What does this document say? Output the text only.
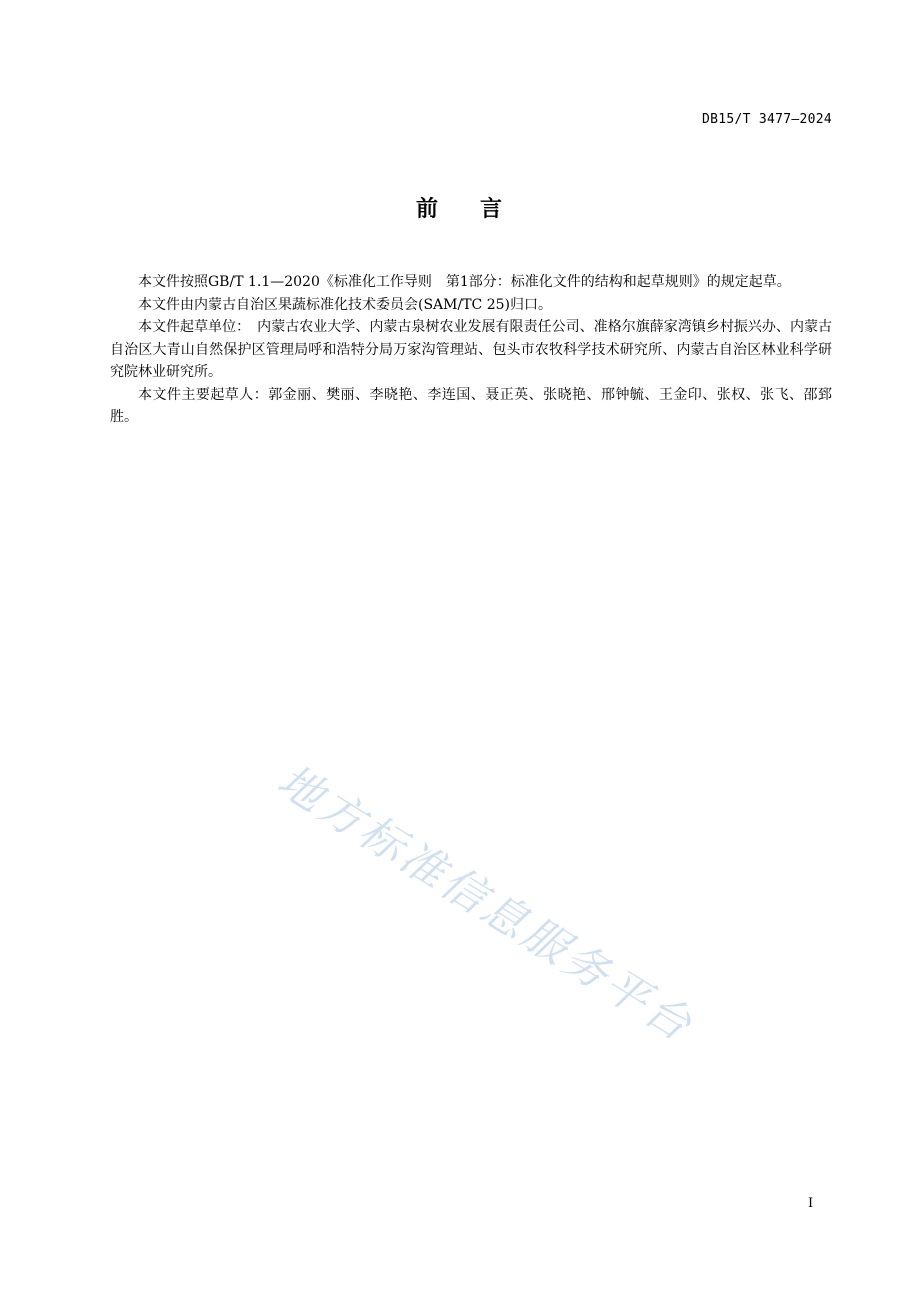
DB15/T 3477—2024
前 言

本文件按照GB/T 1.1—2020《标准化工作导则　第1部分：标准化文件的结构和起草规则》的规定起草。

本文件由内蒙古自治区果蔬标准化技术委员会(SAM/TC 25)归口。

本文件起草单位：　内蒙古农业大学、内蒙古泉树农业发展有限责任公司、准格尔旗薛家湾镇乡村振兴办、内蒙古自治区大青山自然保护区管理局呼和浩特分局万家沟管理站、包头市农牧科学技术研究所、内蒙古自治区林业科学研究院林业研究所。

本文件主要起草人：郭金丽、樊丽、李晓艳、李连国、聂正英、张晓艳、邢钟毓、王金印、张权、张飞、邵郅胜。

地方标准信息服务平台
I
